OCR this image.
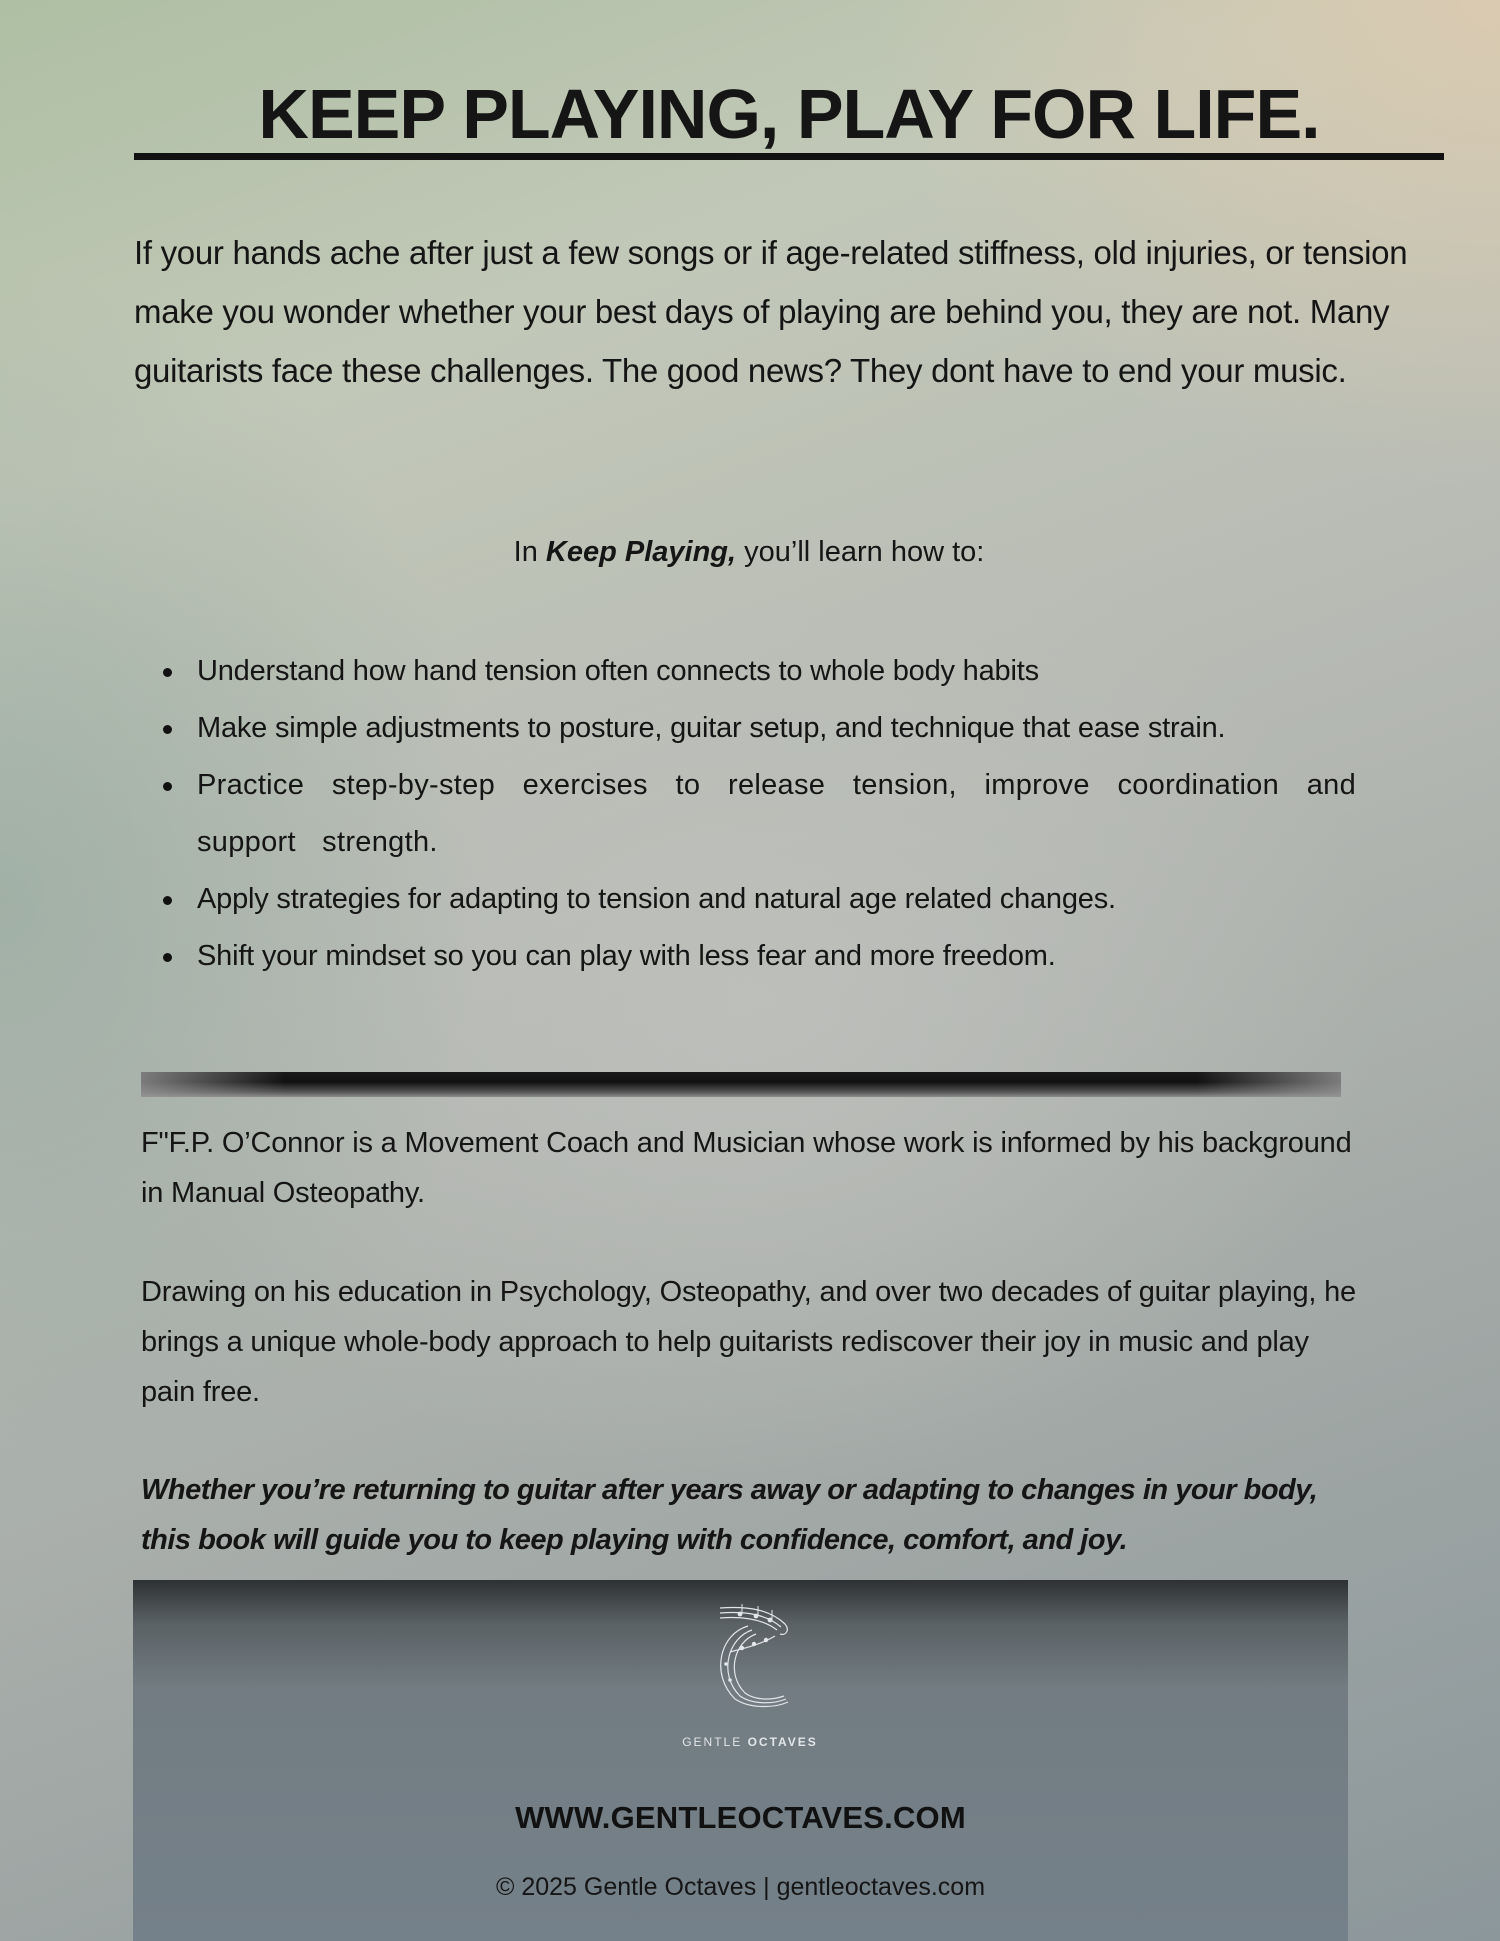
KEEP PLAYING, PLAY FOR LIFE.

If your hands ache after just a few songs or if age-related stiffness, old injuries, or tension make you wonder whether your best days of playing are behind you, they are not. Many guitarists face these challenges. The good news? They dont have to end your music.

In Keep Playing, you’ll learn how to:

Understand how hand tension often connects to whole body habits
Make simple adjustments to posture, guitar setup, and technique that ease strain.
Practice step-by-step exercises to release tension, improve coordination and support strength.
Apply strategies for adapting to tension and natural age related changes.
Shift your mindset so you can play with less fear and more freedom.

F"F.P. O’Connor is a Movement Coach and Musician whose work is informed by his background in Manual Osteopathy.

Drawing on his education in Psychology, Osteopathy, and over two decades of guitar playing, he brings a unique whole-body approach to help guitarists rediscover their joy in music and play pain free.

Whether you’re returning to guitar after years away or adapting to changes in your body, this book will guide you to keep playing with confidence, comfort, and joy.

GENTLE OCTAVES

WWW.GENTLEOCTAVES.COM

© 2025 Gentle Octaves | gentleoctaves.com
